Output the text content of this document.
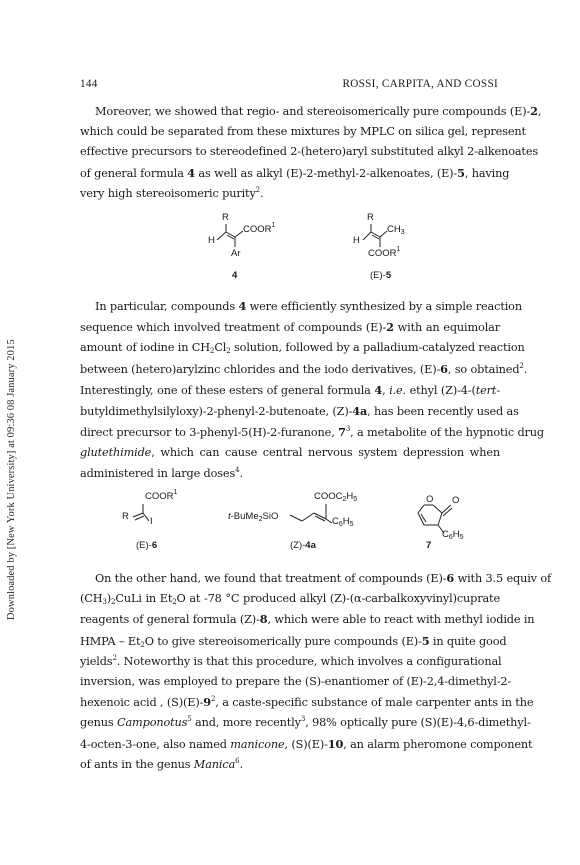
Downloaded by [New York University] at 09:36 08 January 2015
144	ROSSI, CARPITA, AND COSSI
Moreover, we showed that regio- and stereoisomerically pure compounds (E)-2,
which could be separated from these mixtures by MPLC on silica gel, represent
effective precursors to stereodefined 2-(hetero)aryl substituted alkyl 2-alkenoates
of general formula 4 as well as alkyl (E)-2-methyl-2-alkenoates, (E)-5, having
very high stereoisomeric purity$^2$.
R
H
COOR$^1$
Ar
4
R
H
$CH_3$
COOR$^1$
(E)-5
In particular, compounds 4 were efficiently synthesized by a simple reaction
sequence which involved treatment of compounds (E)-2 with an equimolar
amount of iodine in $CH_2Cl_2$ solution, followed by a palladium-catalyzed reaction
between (hetero)arylzinc chlorides and the iodo derivatives, (E)-6, so obtained$^2$.
Interestingly, one of these esters of general formula 4, i.e. ethyl (Z)-4-(tert-
butyldimethylsilyloxy)-2-phenyl-2-butenoate, (Z)-4a, has been recently used as
direct precursor to 3-phenyl-5(H)-2-furanone, $7^3$, a metabolite of the hypnotic drug
glutethimide, which can cause central nervous system depression when
administered in large doses$^4$.
COOR$^1$
R I
(E)-6
$COOC_2H_5$
t-BuMe$_2$SiO	$C_6H_5$
(Z)-4a
O O
$C_6H_5$
7
On the other hand, we found that treatment of compounds (E)-6 with 3.5 equiv of
$(CH_3)_2CuLi$ in $Et_2O$ at -78 °C produced alkyl (Z)-(α-carbalkoxyvinyl)cuprate
reagents of general formula (Z)-8, which were able to react with methyl iodide in
HMPA – $Et_2O$ to give stereoisomerically pure compounds (E)-5 in quite good
yields$^2$. Noteworthy is that this procedure, which involves a configurational
inversion, was employed to prepare the (S)-enantiomer of (E)-2,4-dimethyl-2-
hexenoic acid , $(S)(E)-9^2$, a caste-specific substance of male carpenter ants in the
genus Camponotus$^5$ and, more recently$^3$, 98% optically pure (S)(E)-4,6-dimethyl-
4-octen-3-one, also named manicone, (S)(E)-10, an alarm pheromone component
of ants in the genus Manica$^6$.
